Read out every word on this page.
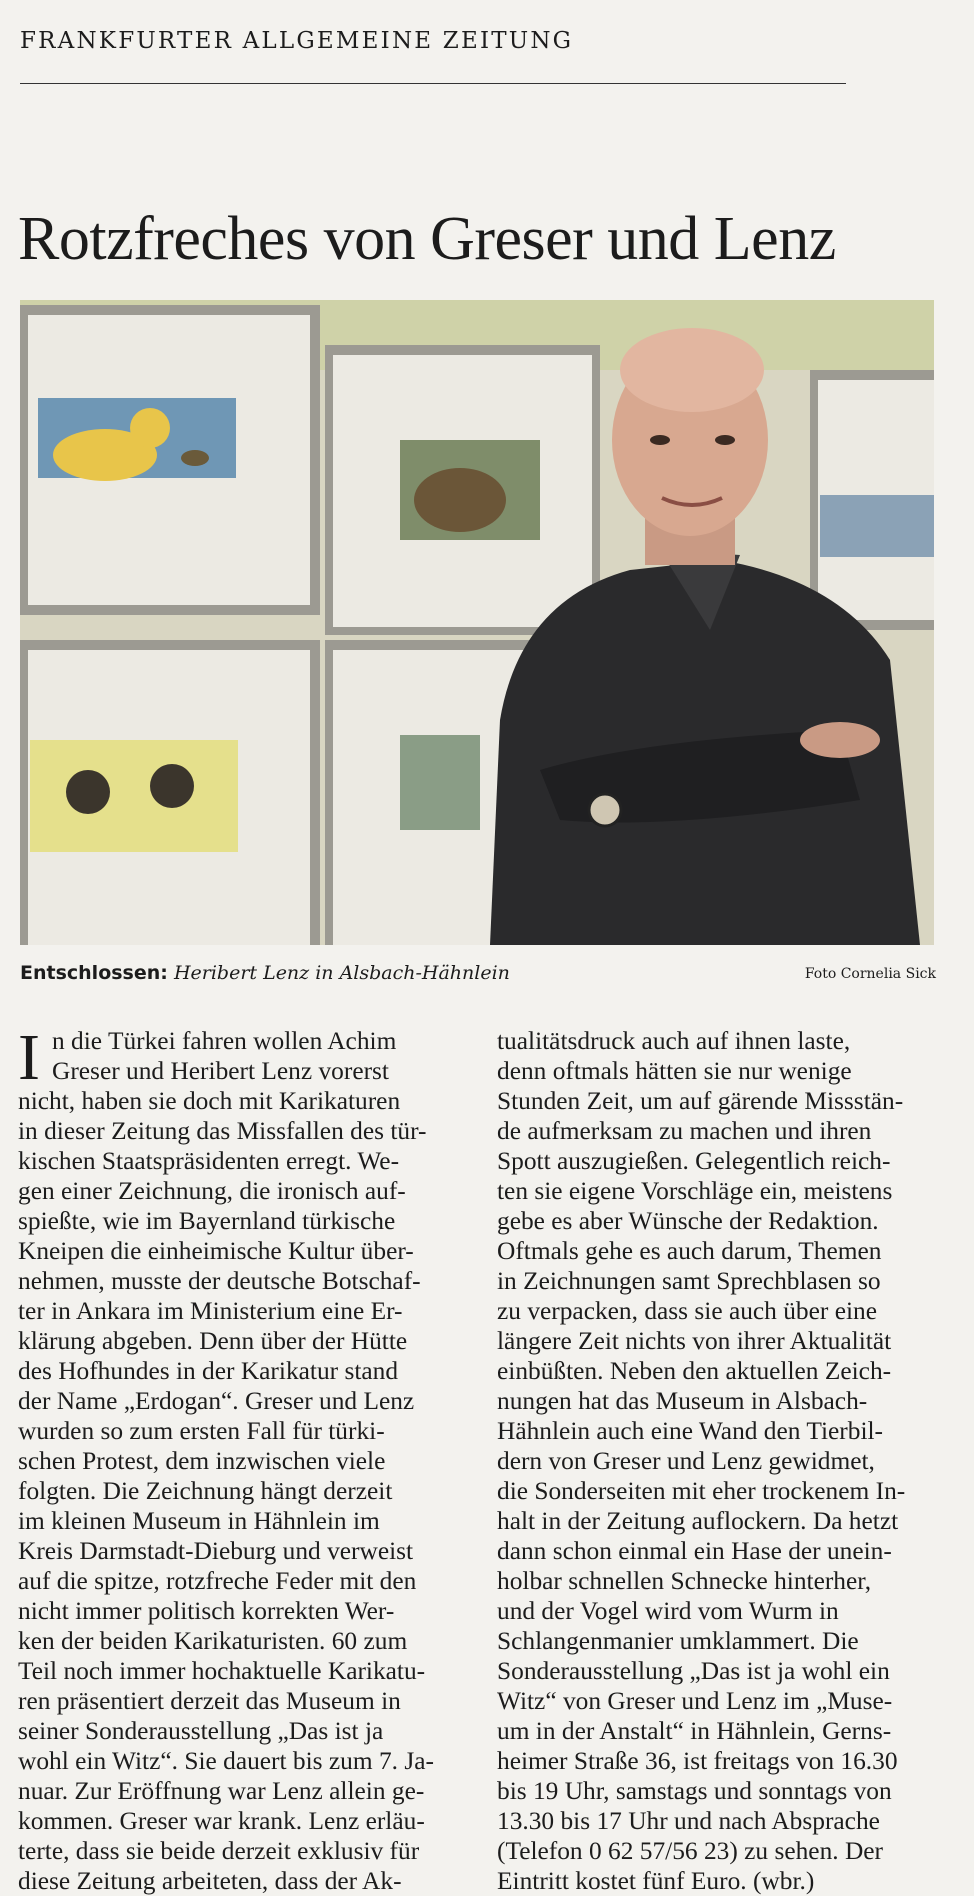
FRANKFURTER ALLGEMEINE ZEITUNG
Rotzfreches von Greser und Lenz
Entschlossen: Heribert Lenz in Alsbach-Hähnlein	Foto Cornelia Sick
I n die Türkei fahren wollen Achim
Greser und Heribert Lenz vorerst
nicht, haben sie doch mit Karikaturen
in dieser Zeitung das Missfallen des tür-
kischen Staatspräsidenten erregt. We-
gen einer Zeichnung, die ironisch auf-
spießte, wie im Bayernland türkische
Kneipen die einheimische Kultur über-
nehmen, musste der deutsche Botschaf-
ter in Ankara im Ministerium eine Er-
klärung abgeben. Denn über der Hütte
des Hofhundes in der Karikatur stand
der Name „Erdogan“. Greser und Lenz
wurden so zum ersten Fall für türki-
schen Protest, dem inzwischen viele
folgten. Die Zeichnung hängt derzeit
im kleinen Museum in Hähnlein im
Kreis Darmstadt-Dieburg und verweist
auf die spitze, rotzfreche Feder mit den
nicht immer politisch korrekten Wer-
ken der beiden Karikaturisten. 60 zum
Teil noch immer hochaktuelle Karikatu-
ren präsentiert derzeit das Museum in
seiner Sonderausstellung „Das ist ja
wohl ein Witz“. Sie dauert bis zum 7. Ja-
nuar. Zur Eröffnung war Lenz allein ge-
kommen. Greser war krank. Lenz erläu-
terte, dass sie beide derzeit exklusiv für
diese Zeitung arbeiteten, dass der Ak-
tualitätsdruck auch auf ihnen laste,
denn oftmals hätten sie nur wenige
Stunden Zeit, um auf gärende Missstän-
de aufmerksam zu machen und ihren
Spott auszugießen. Gelegentlich reich-
ten sie eigene Vorschläge ein, meistens
gebe es aber Wünsche der Redaktion.
Oftmals gehe es auch darum, Themen
in Zeichnungen samt Sprechblasen so
zu verpacken, dass sie auch über eine
längere Zeit nichts von ihrer Aktualität
einbüßten. Neben den aktuellen Zeich-
nungen hat das Museum in Alsbach-
Hähnlein auch eine Wand den Tierbil-
dern von Greser und Lenz gewidmet,
die Sonderseiten mit eher trockenem In-
halt in der Zeitung auflockern. Da hetzt
dann schon einmal ein Hase der unein-
holbar schnellen Schnecke hinterher,
und der Vogel wird vom Wurm in
Schlangenmanier umklammert. Die
Sonderausstellung „Das ist ja wohl ein
Witz“ von Greser und Lenz im „Muse-
um in der Anstalt“ in Hähnlein, Gerns-
heimer Straße 36, ist freitags von 16.30
bis 19 Uhr, samstags und sonntags von
13.30 bis 17 Uhr und nach Absprache
(Telefon 0 62 57/56 23) zu sehen. Der
Eintritt kostet fünf Euro. (wbr.)
